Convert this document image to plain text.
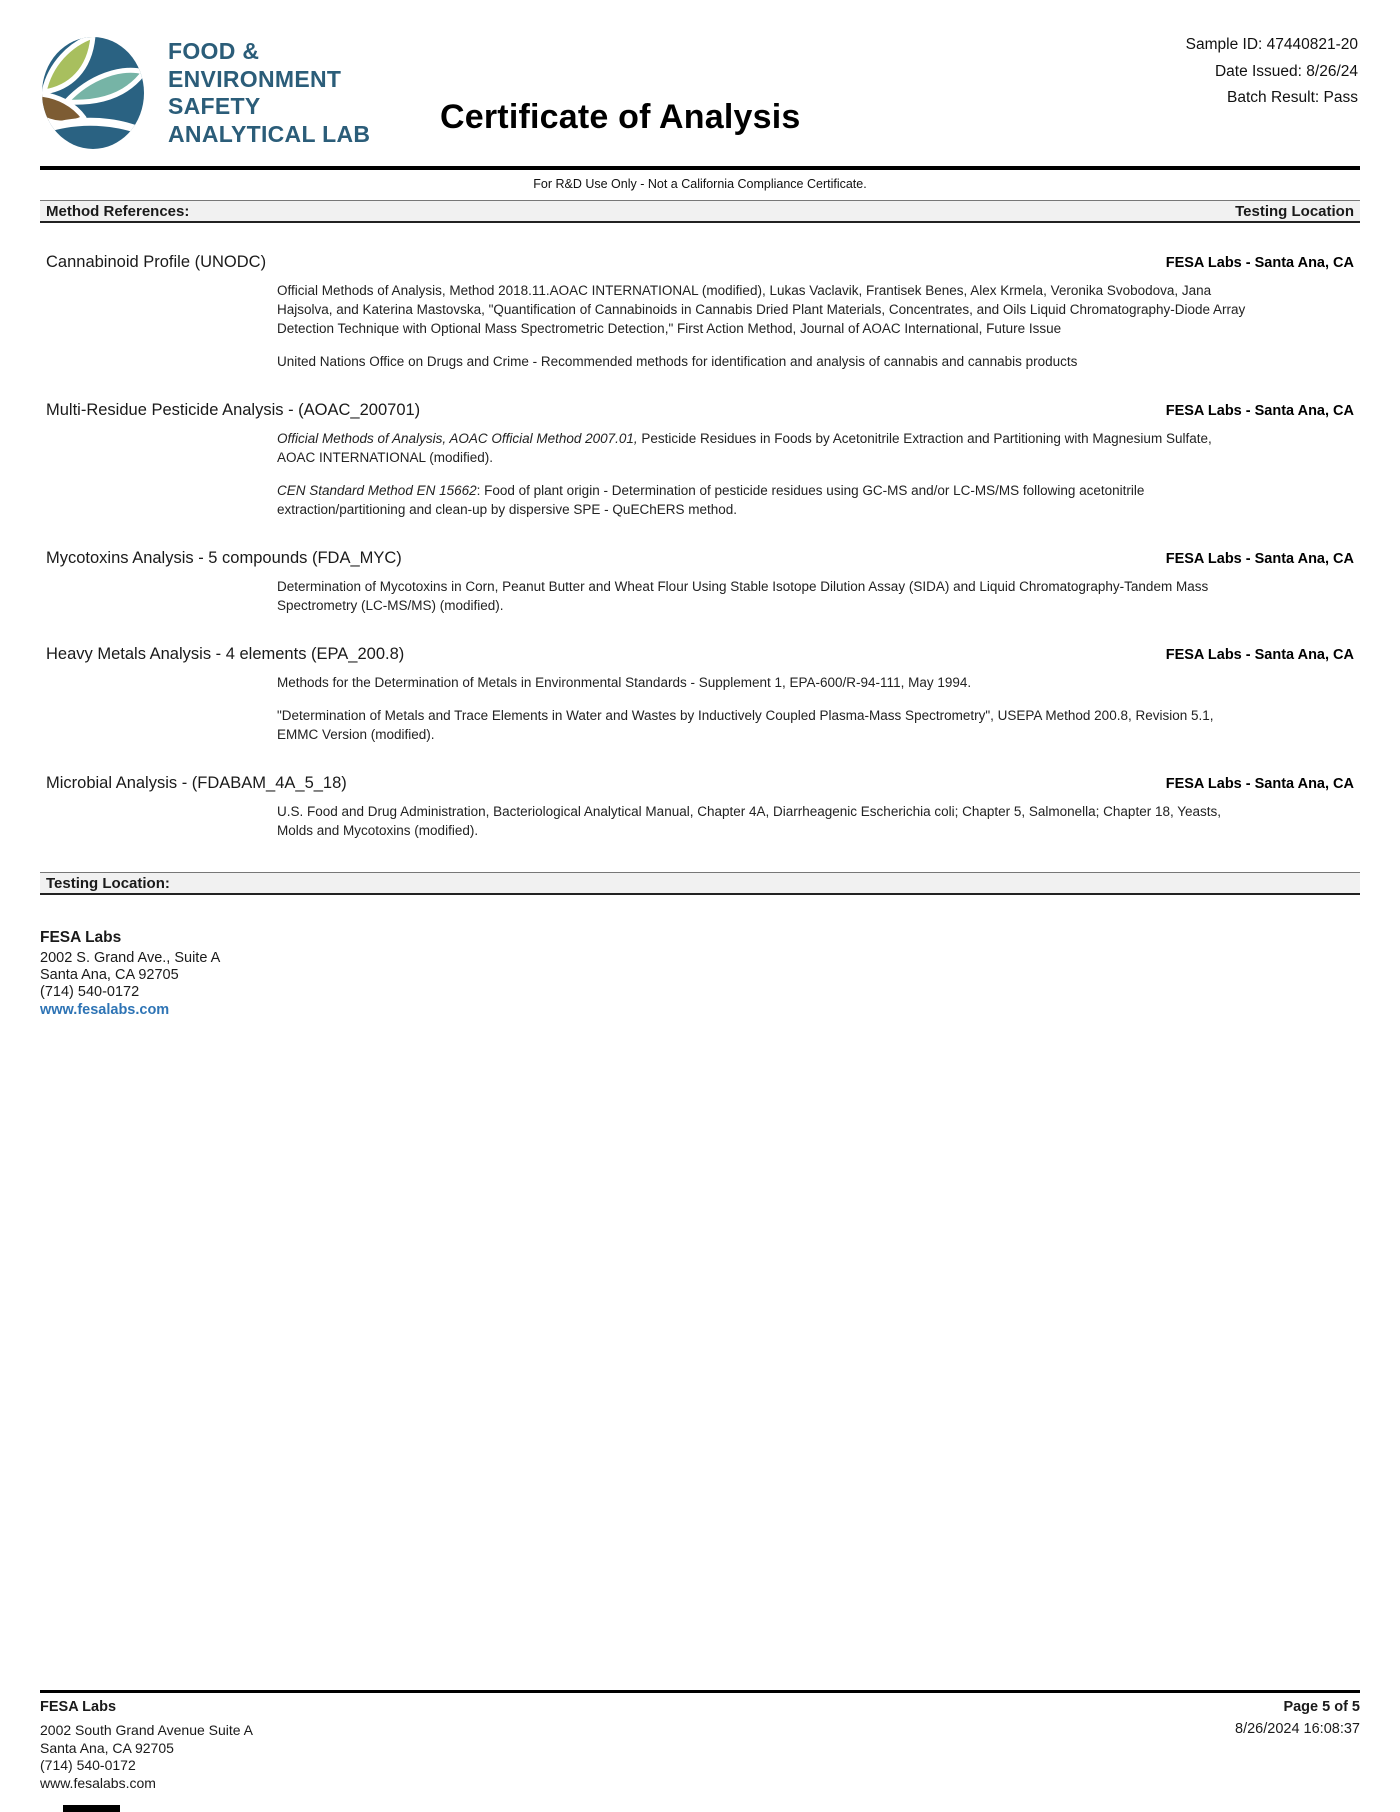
FOOD &
ENVIRONMENT
SAFETY
ANALYTICAL LAB Certificate of Analysis
Sample ID: 47440821-20
Date Issued: 8/26/24
Batch Result: Pass
For R&D Use Only - Not a California Compliance Certificate.
Method References:	Testing Location
Cannabinoid Profile (UNODC)	FESA Labs - Santa Ana, CA

Official Methods of Analysis, Method 2018.11.AOAC INTERNATIONAL (modified), Lukas Vaclavik, Frantisek Benes, Alex Krmela, Veronika Svobodova, Jana Hajsolva, and Katerina Mastovska, "Quantification of Cannabinoids in Cannabis Dried Plant Materials, Concentrates, and Oils Liquid Chromatography-Diode Array Detection Technique with Optional Mass Spectrometric Detection," First Action Method, Journal of AOAC International, Future Issue

United Nations Office on Drugs and Crime - Recommended methods for identification and analysis of cannabis and cannabis products

Multi-Residue Pesticide Analysis - (AOAC_200701)	FESA Labs - Santa Ana, CA

Official Methods of Analysis, AOAC Official Method 2007.01, Pesticide Residues in Foods by Acetonitrile Extraction and Partitioning with Magnesium Sulfate, AOAC INTERNATIONAL (modified).

CEN Standard Method EN 15662: Food of plant origin - Determination of pesticide residues using GC-MS and/or LC-MS/MS following acetonitrile extraction/partitioning and clean-up by dispersive SPE - QuEChERS method.

Mycotoxins Analysis - 5 compounds (FDA_MYC)	FESA Labs - Santa Ana, CA

Determination of Mycotoxins in Corn, Peanut Butter and Wheat Flour Using Stable Isotope Dilution Assay (SIDA) and Liquid Chromatography-Tandem Mass Spectrometry (LC-MS/MS) (modified).

Heavy Metals Analysis - 4 elements (EPA_200.8)	FESA Labs - Santa Ana, CA

Methods for the Determination of Metals in Environmental Standards - Supplement 1, EPA-600/R-94-111, May 1994.

"Determination of Metals and Trace Elements in Water and Wastes by Inductively Coupled Plasma-Mass Spectrometry", USEPA Method 200.8, Revision 5.1, EMMC Version (modified).

Microbial Analysis - (FDABAM_4A_5_18)	FESA Labs - Santa Ana, CA

U.S. Food and Drug Administration, Bacteriological Analytical Manual, Chapter 4A, Diarrheagenic Escherichia coli; Chapter 5, Salmonella; Chapter 18, Yeasts, Molds and Mycotoxins (modified).

Testing Location:
FESA Labs
2002 S. Grand Ave., Suite A
Santa Ana, CA 92705
(714) 540-0172
www.fesalabs.com
FESA Labs
2002 South Grand Avenue Suite A
Santa Ana, CA 92705
(714) 540-0172
www.fesalabs.com
Page 5 of 5
8/26/2024 16:08:37
